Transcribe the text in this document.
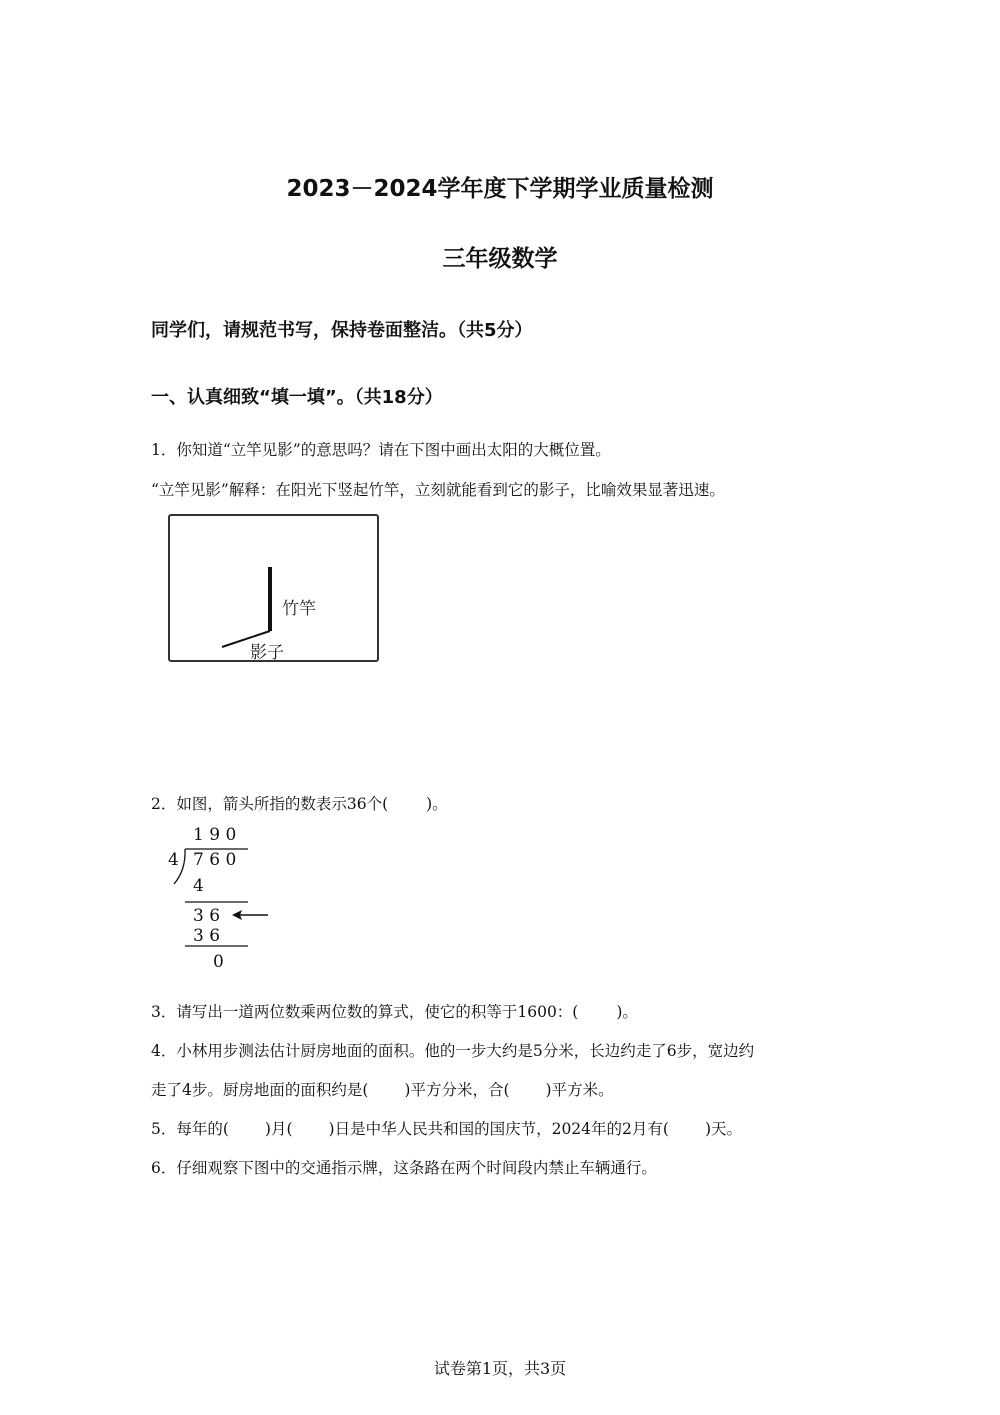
2023－2024学年度下学期学业质量检测
三年级数学
同学们，请规范书写，保持卷面整洁。（共5分）
一、认真细致“填一填”。（共18分）
1．你知道“立竿见影”的意思吗？请在下图中画出太阳的大概位置。
“立竿见影”解释：在阳光下竖起竹竿，立刻就能看到它的影子，比喻效果显著迅速。
竹竿
影子
2．如图，箭头所指的数表示36个( )。
1 9 0
4 7 6 0
4
3 6
3 6
0
3．请写出一道两位数乘两位数的算式，使它的积等于1600：( )。
4．小林用步测法估计厨房地面的面积。他的一步大约是5分米，长边约走了6步，宽边约
走了4步。厨房地面的面积约是( )平方分米，合( )平方米。
5．每年的( )月( )日是中华人民共和国的国庆节，2024年的2月有( )天。
6．仔细观察下图中的交通指示牌，这条路在两个时间段内禁止车辆通行。
试卷第1页，共3页
